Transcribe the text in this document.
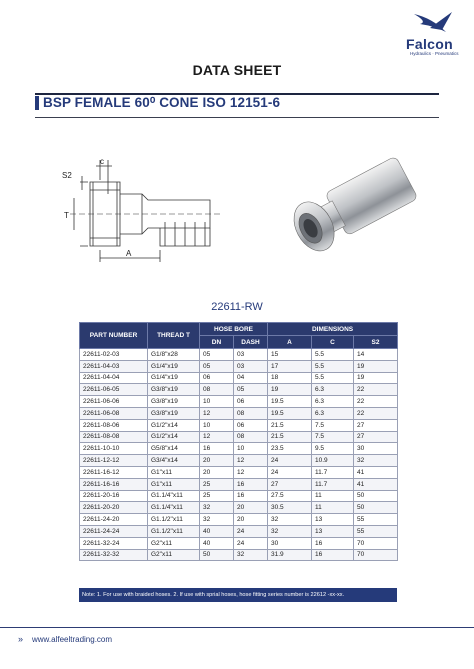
Falcon
Hydraulics · Pneumatics
DATA SHEET
BSP FEMALE 60⁰ CONE ISO 12151-6
c
S2
T
A
22611-RW
PART NUMBER	THREAD T	HOSE BORE		DIMENSIONS		
		DN	DASH	A	C	S2
22611-02-03	G1/8"x28	05	03	15	5.5	14
22611-04-03	G1/4"x19	05	03	17	5.5	19
22611-04-04	G1/4"x19	06	04	18	5.5	19
22611-06-05	G3/8"x19	08	05	19	6.3	22
22611-06-06	G3/8"x19	10	06	19.5	6.3	22
22611-06-08	G3/8"x19	12	08	19.5	6.3	22
22611-08-06	G1/2"x14	10	06	21.5	7.5	27
22611-08-08	G1/2"x14	12	08	21.5	7.5	27
22611-10-10	G5/8"x14	16	10	23.5	9.5	30
22611-12-12	G3/4"x14	20	12	24	10.9	32
22611-16-12	G1"x11	20	12	24	11.7	41
22611-16-16	G1"x11	25	16	27	11.7	41
22611-20-16	G1.1/4"x11	25	16	27.5	11	50
22611-20-20	G1.1/4"x11	32	20	30.5	11	50
22611-24-20	G1.1/2"x11	32	20	32	13	55
22611-24-24	G1.1/2"x11	40	24	32	13	55
22611-32-24	G2"x11	40	24	30	16	70
22611-32-32	G2"x11	50	32	31.9	16	70
Note: 1. For use with braided hoses. 2. If use with sprial hoses, hose fitting series number is 22612 -xx-xx.
» www.alfeeltrading.com
